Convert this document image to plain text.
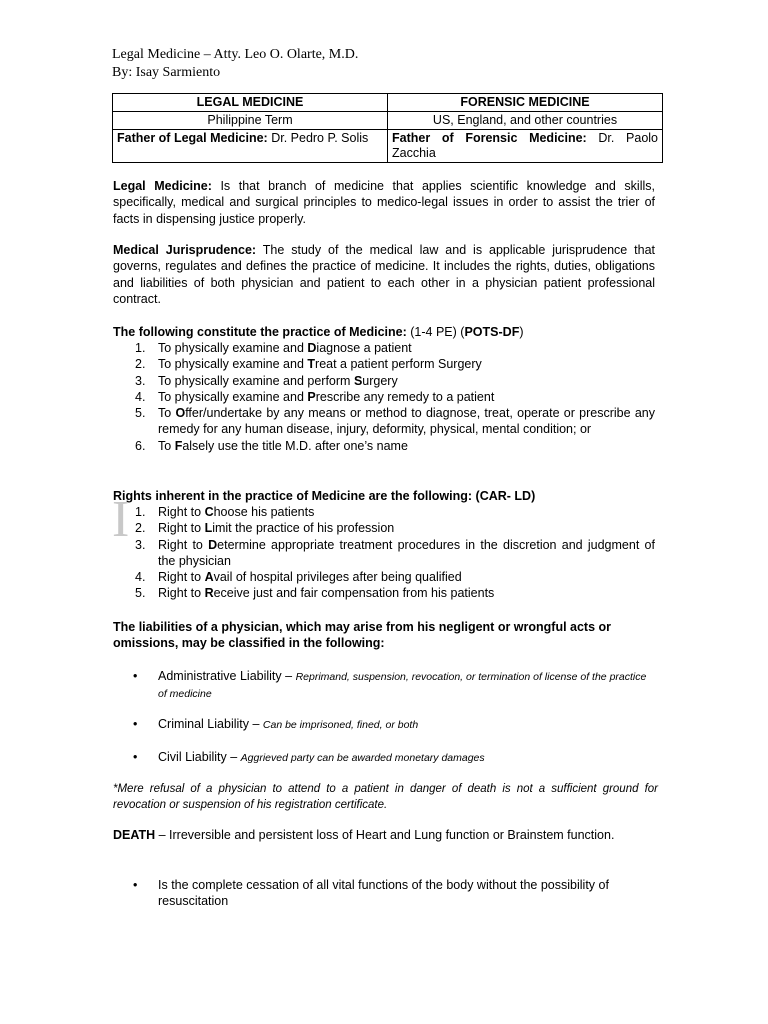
Legal Medicine – Atty. Leo O. Olarte, M.D.
By: Isay Sarmiento
LEGAL MEDICINE	FORENSIC MEDICINE
Philippine Term	US, England, and other countries
Father of Legal Medicine: Dr. Pedro P. Solis	Father of Forensic Medicine: Dr. Paolo Zacchia

Legal Medicine: Is that branch of medicine that applies scientific knowledge and skills, specifically, medical and surgical principles to medico-legal issues in order to assist the trier of facts in dispensing justice properly.

Medical Jurisprudence: The study of the medical law and is applicable jurisprudence that governs, regulates and defines the practice of medicine. It includes the rights, duties, obligations and liabilities of both physician and patient to each other in a physician patient professional contract.

The following constitute the practice of Medicine: (1-4 PE) (POTS-DF)

1. To physically examine and Diagnose a patient
2. To physically examine and Treat a patient perform Surgery
3. To physically examine and perform Surgery
4. To physically examine and Prescribe any remedy to a patient
5. To Offer/undertake by any means or method to diagnose, treat, operate or prescribe any remedy for any human disease, injury, deformity, physical, mental condition; or
6. To Falsely use the title M.D. after one’s name

Rights inherent in the practice of Medicine are the following: (CAR- LD)

I 1. Right to Choose his patients
2. Right to Limit the practice of his profession
3. Right to Determine appropriate treatment procedures in the discretion and judgment of the physician
4. Right to Avail of hospital privileges after being qualified
5. Right to Receive just and fair compensation from his patients

The liabilities of a physician, which may arise from his negligent or wrongful acts or omissions, may be classified in the following:

• Administrative Liability – Reprimand, suspension, revocation, or termination of license of the practice of medicine
• Criminal Liability – Can be imprisoned, fined, or both
• Civil Liability – Aggrieved party can be awarded monetary damages

*Mere refusal of a physician to attend to a patient in danger of death is not a sufficient ground for revocation or suspension of his registration certificate.

DEATH – Irreversible and persistent loss of Heart and Lung function or Brainstem function.

• Is the complete cessation of all vital functions of the body without the possibility of resuscitation
